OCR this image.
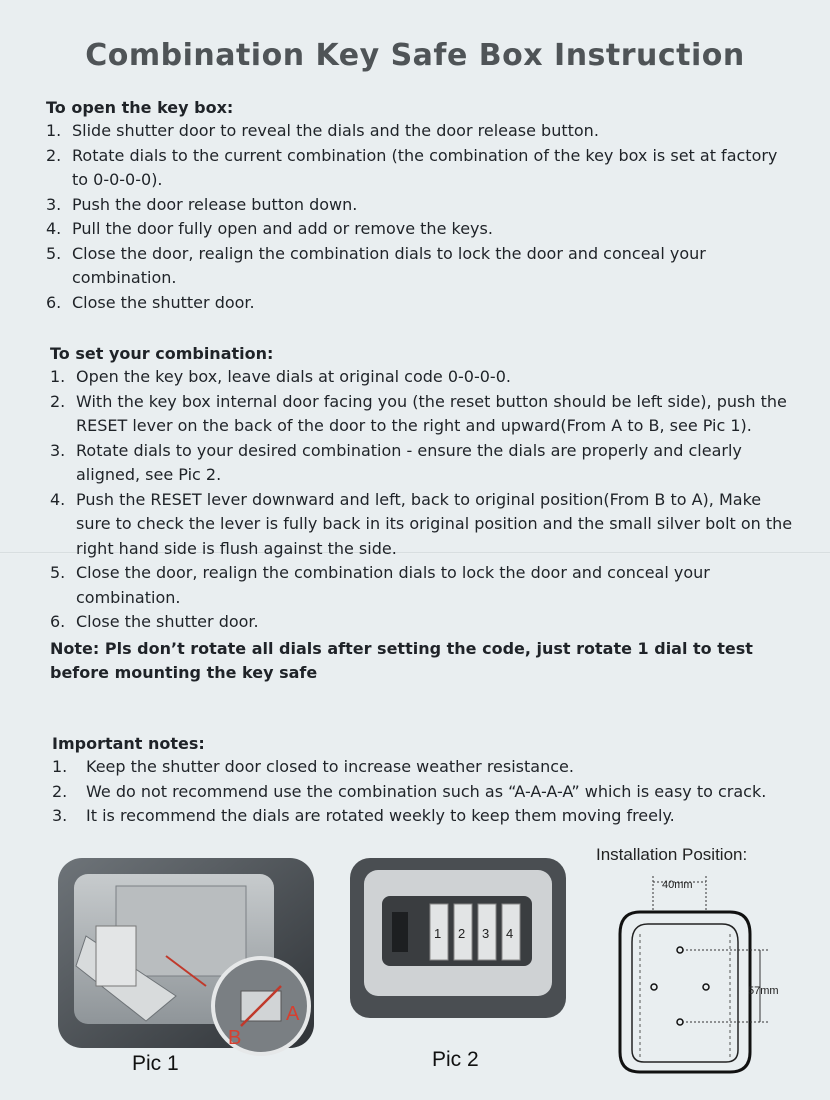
Combination Key Safe Box Instruction
To open the key box:
1. Slide shutter door to reveal the dials and the door release button.
2. Rotate dials to the current combination (the combination of the key box is set at factory to 0-0-0-0).
3. Push the door release button down.
4. Pull the door fully open and add or remove the keys.
5. Close the door, realign the combination dials to lock the door and conceal your combination.
6. Close the shutter door.
To set your combination:
1. Open the key box, leave dials at original code 0-0-0-0.
2. With the key box internal door facing you (the reset button should be left side), push the RESET lever on the back of the door to the right and upward(From A to B, see Pic 1).
3. Rotate dials to your desired combination - ensure the dials are properly and clearly aligned, see Pic 2.
4. Push the RESET lever downward and left, back to original position(From B to A), Make sure to check the lever is fully back in its original position and the small silver bolt on the right hand side is flush against the side.
5. Close the door, realign the combination dials to lock the door and conceal your combination.
6. Close the shutter door.
Note: Pls don’t rotate all dials after setting the code, just rotate 1 dial to test before mounting the key safe
Important notes:
1. Keep the shutter door closed to increase weather resistance.
2. We do not recommend use the combination such as “A-A-A-A” which is easy to crack.
3. It is recommend the dials are rotated weekly to keep them moving freely.
B
A
Pic 1
1 2 3 4
Pic 2
Installation Position:
40mm
57mm
